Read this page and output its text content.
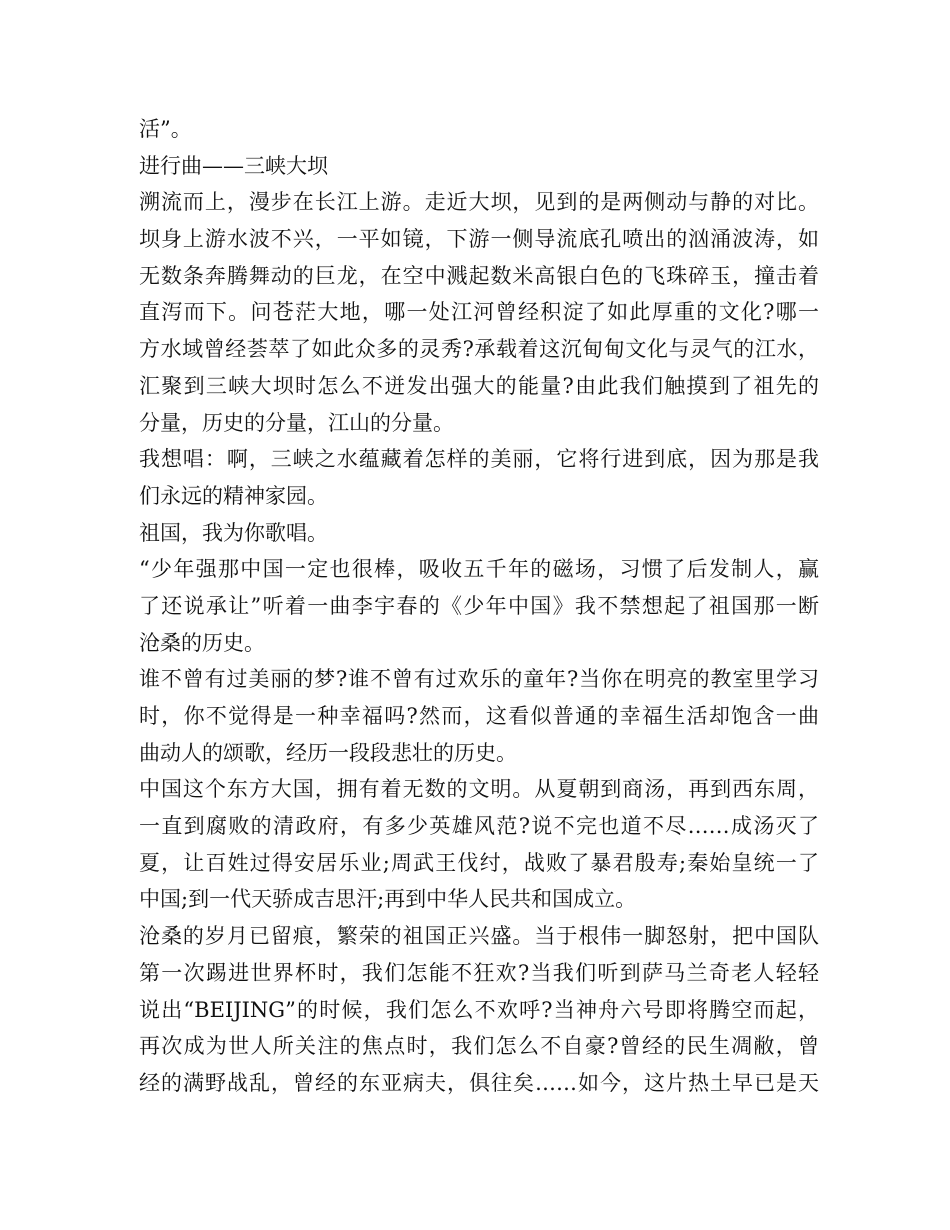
活”。
进行曲——三峡大坝
溯流而上，漫步在长江上游。走近大坝，见到的是两侧动与静的对比。
坝身上游水波不兴，一平如镜，下游一侧导流底孔喷出的汹涌波涛，如
无数条奔腾舞动的巨龙，在空中溅起数米高银白色的飞珠碎玉，撞击着
直泻而下。问苍茫大地，哪一处江河曾经积淀了如此厚重的文化?哪一
方水域曾经荟萃了如此众多的灵秀?承载着这沉甸甸文化与灵气的江水，
汇聚到三峡大坝时怎么不迸发出强大的能量?由此我们触摸到了祖先的
分量，历史的分量，江山的分量。
我想唱：啊，三峡之水蕴藏着怎样的美丽，它将行进到底，因为那是我
们永远的精神家园。
祖国，我为你歌唱。
“少年强那中国一定也很棒，吸收五千年的磁场，习惯了后发制人，赢
了还说承让”听着一曲李宇春的《少年中国》我不禁想起了祖国那一断
沧桑的历史。
谁不曾有过美丽的梦?谁不曾有过欢乐的童年?当你在明亮的教室里学习
时，你不觉得是一种幸福吗?然而，这看似普通的幸福生活却饱含一曲
曲动人的颂歌，经历一段段悲壮的历史。
中国这个东方大国，拥有着无数的文明。从夏朝到商汤，再到西东周，
一直到腐败的清政府，有多少英雄风范?说不完也道不尽……成汤灭了
夏，让百姓过得安居乐业;周武王伐纣，战败了暴君殷寿;秦始皇统一了
中国;到一代天骄成吉思汗;再到中华人民共和国成立。
沧桑的岁月已留痕，繁荣的祖国正兴盛。当于根伟一脚怒射，把中国队
第一次踢进世界杯时，我们怎能不狂欢?当我们听到萨马兰奇老人轻轻
说出“BEIJING”的时候，我们怎么不欢呼?当神舟六号即将腾空而起，
再次成为世人所关注的焦点时，我们怎么不自豪?曾经的民生凋敝，曾
经的满野战乱，曾经的东亚病夫，俱往矣……如今，这片热土早已是天
